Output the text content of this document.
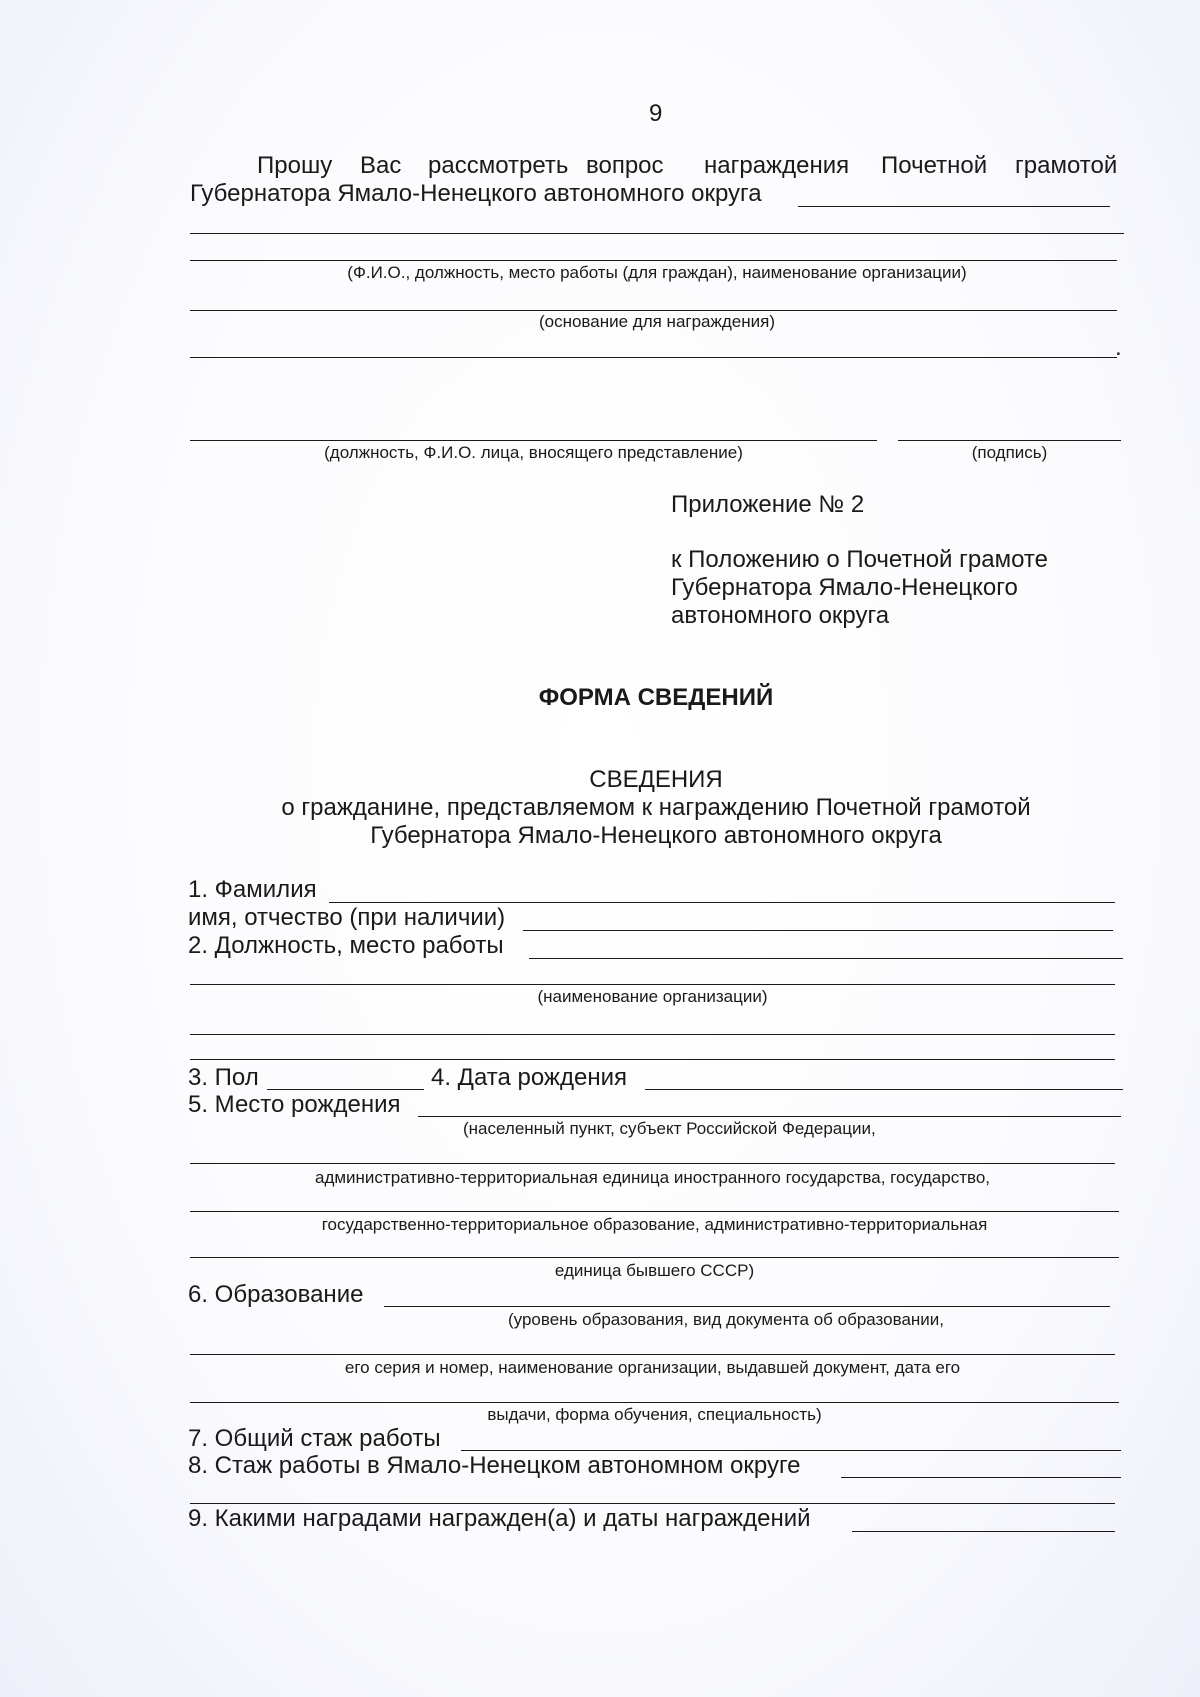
9
Прошу Вас рассмотреть вопрос награждения Почетной грамотой
Губернатора Ямало-Ненецкого автономного округа
(Ф.И.О., должность, место работы (для граждан), наименование организации)
(основание для награждения)
.
(должность, Ф.И.О. лица, вносящего представление)	(подпись)
Приложение № 2
к Положению о Почетной грамоте
Губернатора Ямало-Ненецкого
автономного округа
ФОРМА СВЕДЕНИЙ
СВЕДЕНИЯ
о гражданине, представляемом к награждению Почетной грамотой
Губернатора Ямало-Ненецкого автономного округа
1. Фамилия
имя, отчество (при наличии)
2. Должность, место работы
(наименование организации)
3. Пол	4. Дата рождения
5. Место рождения
(населенный пункт, субъект Российской Федерации,
административно-территориальная единица иностранного государства, государство,
государственно-территориальное образование, административно-территориальная
единица бывшего СССР)
6. Образование
(уровень образования, вид документа об образовании,
его серия и номер, наименование организации, выдавшей документ, дата его
выдачи, форма обучения, специальность)
7. Общий стаж работы
8. Стаж работы в Ямало-Ненецком автономном округе
9. Какими наградами награжден(а) и даты награждений
